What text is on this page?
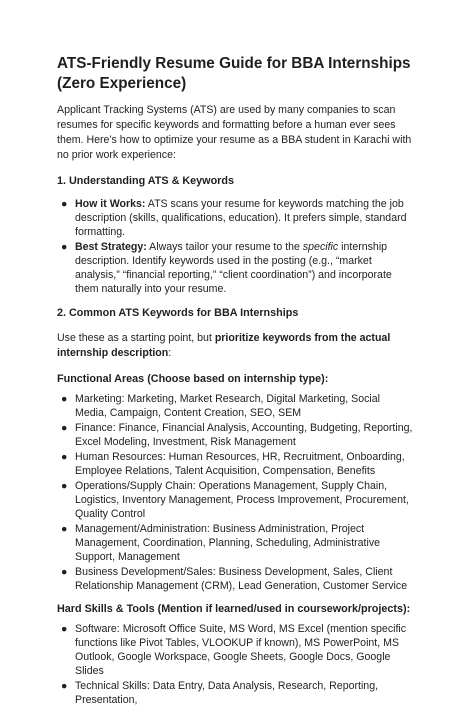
ATS-Friendly Resume Guide for BBA Internships (Zero Experience)

Applicant Tracking Systems (ATS) are used by many companies to scan resumes for specific keywords and formatting before a human ever sees them. Here’s how to optimize your resume as a BBA student in Karachi with no prior work experience:

1. Understanding ATS & Keywords
● How it Works: ATS scans your resume for keywords matching the job description (skills, qualifications, education). It prefers simple, standard formatting.
● Best Strategy: Always tailor your resume to the specific internship description. Identify keywords used in the posting (e.g., “market analysis,” “financial reporting,” “client coordination”) and incorporate them naturally into your resume.
2. Common ATS Keywords for BBA Internships

Use these as a starting point, but prioritize keywords from the actual internship description:

Functional Areas (Choose based on internship type):
● Marketing: Marketing, Market Research, Digital Marketing, Social Media, Campaign, Content Creation, SEO, SEM
● Finance: Finance, Financial Analysis, Accounting, Budgeting, Reporting, Excel Modeling, Investment, Risk Management
● Human Resources: Human Resources, HR, Recruitment, Onboarding, Employee Relations, Talent Acquisition, Compensation, Benefits
● Operations/Supply Chain: Operations Management, Supply Chain, Logistics, Inventory Management, Process Improvement, Procurement, Quality Control
● Management/Administration: Business Administration, Project Management, Coordination, Planning, Scheduling, Administrative Support, Management
● Business Development/Sales: Business Development, Sales, Client Relationship Management (CRM), Lead Generation, Customer Service
Hard Skills & Tools (Mention if learned/used in coursework/projects):
● Software: Microsoft Office Suite, MS Word, MS Excel (mention specific functions like Pivot Tables, VLOOKUP if known), MS PowerPoint, MS Outlook, Google Workspace, Google Sheets, Google Docs, Google Slides
● Technical Skills: Data Entry, Data Analysis, Research, Reporting, Presentation,
